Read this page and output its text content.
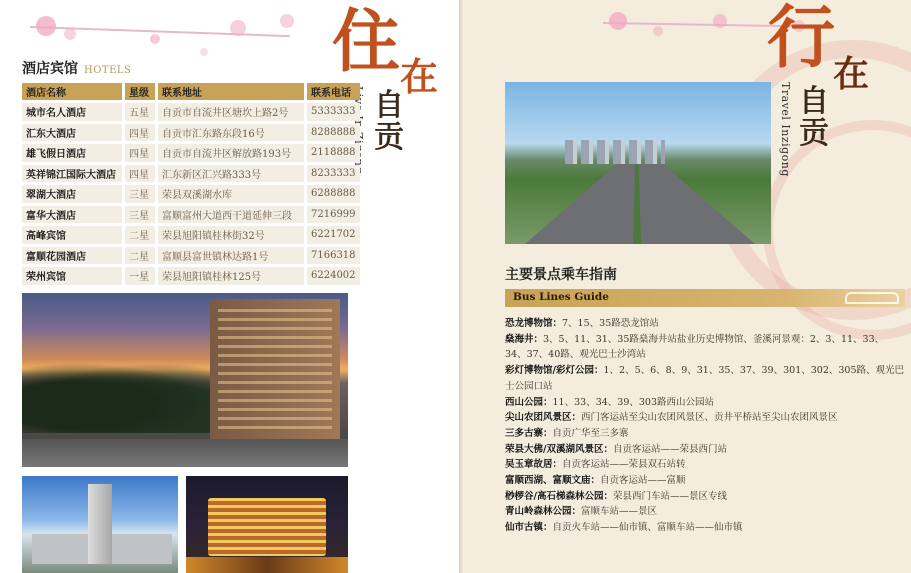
住 在
In 自
贡
酒店宾馆 HOTELS
酒店名称	星级	联系地址	联系电话
城市名人酒店	五星	自贡市自流井区塘坎上路2号	5333333
汇东大酒店	四星	自贡市汇东路东段16号	8288888
雄飞假日酒店	四星	自贡市自流井区解放路193号	2118888
英祥锦江国际大酒店	四星	汇东新区汇兴路333号	8233333
翠湖大酒店	三星	荣县双溪湖水库	6288888
富华大酒店	三星	富顺富州大道西干道延伸三段	7216999
高峰宾馆	二星	荣县旭阳镇桂林街32号	6221702
富顺花园酒店	二星	富顺县富世镇林达路1号	7166318
荣州宾馆	一星	荣县旭阳镇桂林125号	6224002
行
在
Travel Inzigong 自
贡
主要景点乘车指南
Bus Lines Guide
恐龙博物馆：7、15、35路恐龙馆站
燊海井：3、5、11、31、35路燊海井站盐业历史博物馆、釜溪河景观：2、3、11、33、34、37、40路、观光巴士沙湾站
彩灯博物馆/彩灯公园：1、2、5、6、8、9、31、35、37、39、301、302、305路、观光巴士公园口站
西山公园：11、33、34、39、303路西山公园站
尖山农团风景区：西门客运站至尖山农团风景区、贡井平桥站至尖山农团风景区
三多古寨：自贡广华至三多寨
荣县大佛/双溪湖风景区：自贡客运站——荣县西门站
吴玉章故居：自贡客运站——荣县双石站转
富顺西湖、富顺文庙：自贡客运站——富顺
桫椤谷/高石梯森林公园：荣县西门车站——景区专线
青山岭森林公园：富顺车站——景区
仙市古镇：自贡火车站——仙市镇、富顺车站——仙市镇
